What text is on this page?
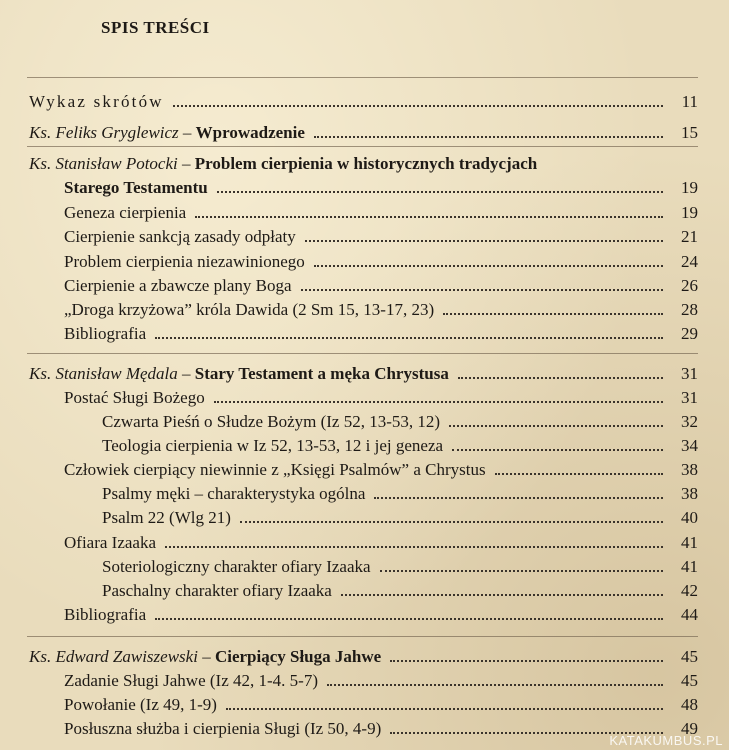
SPIS TREŚCI
Wykaz skrótów	11
Ks. Feliks Gryglewicz – Wprowadzenie	15
Ks. Stanisław Potocki – Problem cierpienia w historycznych tradycjach
Starego Testamentu	19
Geneza cierpienia	19
Cierpienie sankcją zasady odpłaty	21
Problem cierpienia niezawinionego	24
Cierpienie a zbawcze plany Boga	26
„Droga krzyżowa” króla Dawida (2 Sm 15, 13-17, 23)	28
Bibliografia	29
Ks. Stanisław Mędala – Stary Testament a męka Chrystusa	31
Postać Sługi Bożego	31
Czwarta Pieśń o Słudze Bożym (Iz 52, 13-53, 12)	32
Teologia cierpienia w Iz 52, 13-53, 12 i jej geneza	34
Człowiek cierpiący niewinnie z „Księgi Psalmów” a Chrystus	38
Psalmy męki – charakterystyka ogólna	38
Psalm 22 (Wlg 21)	40
Ofiara Izaaka	41
Soteriologiczny charakter ofiary Izaaka	41
Paschalny charakter ofiary Izaaka	42
Bibliografia	44
Ks. Edward Zawiszewski – Cierpiący Sługa Jahwe	45
Zadanie Sługi Jahwe (Iz 42, 1-4. 5-7)	45
Powołanie (Iz 49, 1-9)	48
Posłuszna służba i cierpienia Sługi (Iz 50, 4-9)	49
KATAKUMBUS.PL
